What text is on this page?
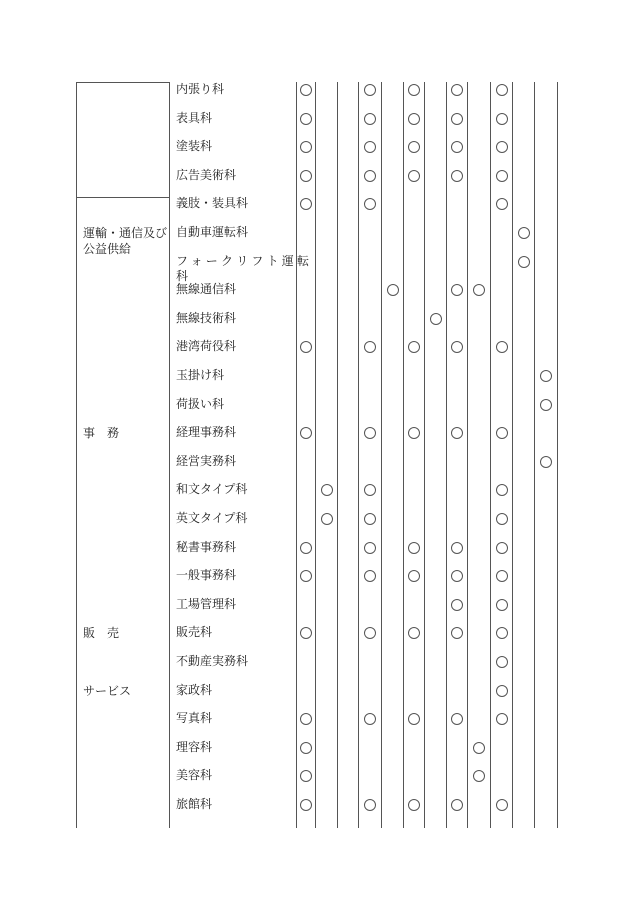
運輸・通信及び
公益供給
事　務
販　売
サービス
内張り科
表具科
塗装科
広告美術科
義肢・装具科
自動車運転科
フォークリフト運転
科
無線通信科
無線技術科
港湾荷役科
玉掛け科
荷扱い科
経理事務科
経営実務科
和文タイプ科
英文タイプ科
秘書事務科
一般事務科
工場管理科
販売科
不動産実務科
家政科
写真科
理容科
美容科
旅館科
